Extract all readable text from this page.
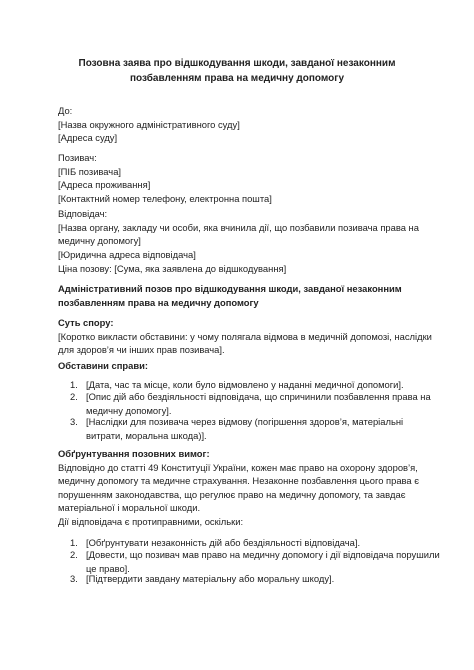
Позовна заява про відшкодування шкоди, завданої незаконним
позбавленням права на медичну допомогу
До:
[Назва окружного адміністративного суду]
[Адреса суду]
Позивач:
[ПІБ позивача]
[Адреса проживання]
[Контактний номер телефону, електронна пошта]
Відповідач:
[Назва органу, закладу чи особи, яка вчинила дії, що позбавили позивача права на
медичну допомогу]
[Юридична адреса відповідача]
Ціна позову: [Сума, яка заявлена до відшкодування]
Адміністративний позов про відшкодування шкоди, завданої незаконним
позбавленням права на медичну допомогу
Суть спору:
[Коротко викласти обставини: у чому полягала відмова в медичній допомозі, наслідки
для здоров’я чи інших прав позивача].
Обставини справи:
1. [Дата, час та місце, коли було відмовлено у наданні медичної допомоги].
2. [Опис дій або бездіяльності відповідача, що спричинили позбавлення права на
медичну допомогу].
3. [Наслідки для позивача через відмову (погіршення здоров’я, матеріальні
витрати, моральна шкода)].
Обґрунтування позовних вимог:
Відповідно до статті 49 Конституції України, кожен має право на охорону здоров’я,
медичну допомогу та медичне страхування. Незаконне позбавлення цього права є
порушенням законодавства, що регулює право на медичну допомогу, та завдає
матеріальної і моральної шкоди.
Дії відповідача є протиправними, оскільки:
1. [Обґрунтувати незаконність дій або бездіяльності відповідача].
2. [Довести, що позивач мав право на медичну допомогу і дії відповідача порушили
це право].
3. [Підтвердити завдану матеріальну або моральну шкоду].
